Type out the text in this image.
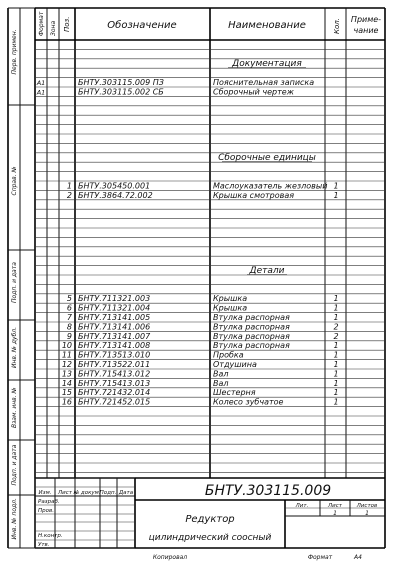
Формат Зона Поз.	Обозначение	Наименование	Кол. Приме-
чание
Документация
А1	БНТУ.303115.009 ПЗ	Пояснительная записка
А1	БНТУ.303115.002 СБ	Сборочный чертеж
Сборочные единицы
1 БНТУ.305450.001	Маслоуказатель жезловый 1
2 БНТУ.3864.72.002	Крышка смотровая	1
Детали
5 БНТУ.711321.003	Крышка	1
6 БНТУ.711321.004	Крышка	1
7 БНТУ.713141.005	Втулка распорная	1
8 БНТУ.713141.006	Втулка распорная	2
9 БНТУ.713141.007	Втулка распорная	2
10 БНТУ.713141.008	Втулка распорная	1
11 БНТУ.713513.010	Пробка	1
12 БНТУ.713522.011	Отдушина	1
13 БНТУ.715413.012	Вал	1
14 БНТУ.715413.013	Вал	1
15 БНТУ.721432.014	Шестерня	1
16 БНТУ.721452.015	Колесо зубчатое	1
Перв. примен.
Справ. №
Подп. и дата
Инв. № дубл.
Взам. инв. №
Подп. и дата
Инв. № подл.
Изм. Лист № докум. Подп. Дата
Разраб.
Пров.
Н.контр.
Утв.
БНТУ.303115.009
Редуктор
цилиндрический соосный
Лит.	Лист	Листов
1	1
Копировал	Формат	А4
